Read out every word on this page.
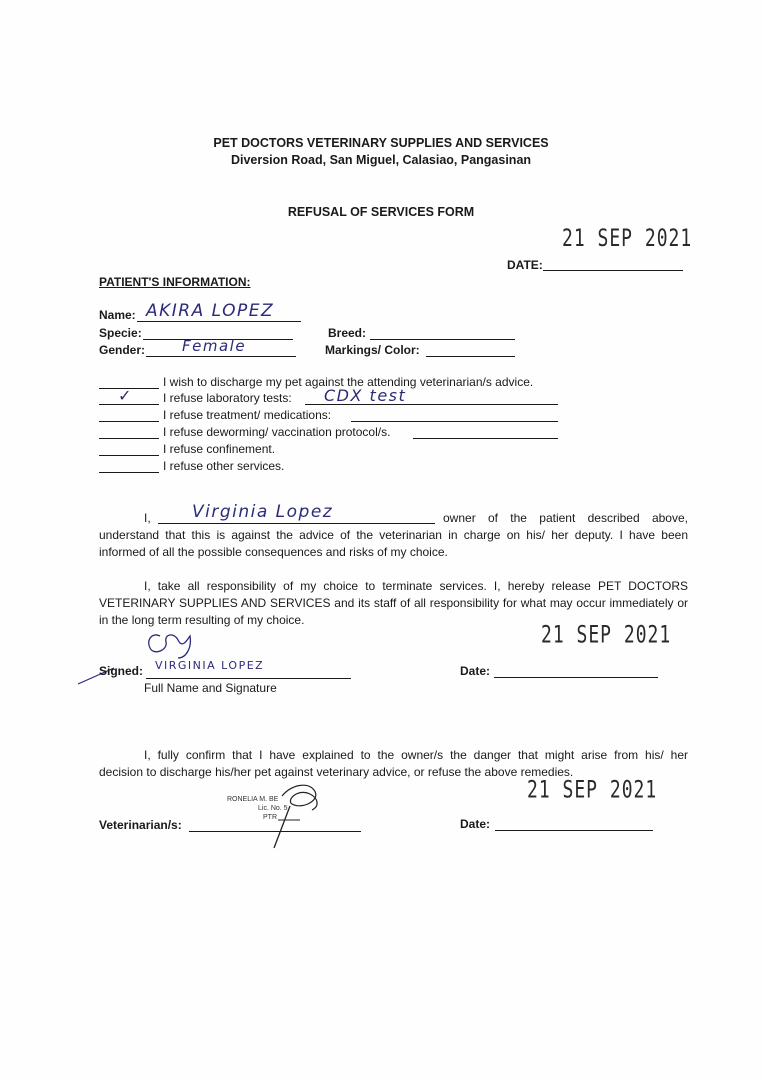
PET DOCTORS VETERINARY SUPPLIES AND SERVICES
Diversion Road, San Miguel, Calasiao, Pangasinan
REFUSAL OF SERVICES FORM
21 SEP 2021
DATE:
PATIENT'S INFORMATION:
Name: AKIRA LOPEZ
Specie:	Breed:
Gender: Female	Markings/ Color:
I wish to discharge my pet against the attending veterinarian/s advice.
✓	I refuse laboratory tests: CDX test
I refuse treatment/ medications:
I refuse deworming/ vaccination protocol/s.
I refuse confinement.
I refuse other services.
I, Virginia Lopez	owner of the patient described above,
understand that this is against the advice of the veterinarian in charge on his/ her deputy. I have been
informed of all the possible consequences and risks of my choice.
I, take all responsibility of my choice to terminate services. I, hereby release PET DOCTORS
VETERINARY SUPPLIES AND SERVICES and its staff of all responsibility for what may occur immediately or
in the long term resulting of my choice.
Signed: VIRGINIA LOPEZ
Full Name and Signature
21 SEP 2021
Date:
I, fully confirm that I have explained to the owner/s the danger that might arise from his/ her
decision to discharge his/her pet against veterinary advice, or refuse the above remedies.
RONELIA M. BE
Lic. No. 5
PTR
Veterinarian/s:
21 SEP 2021
Date:
